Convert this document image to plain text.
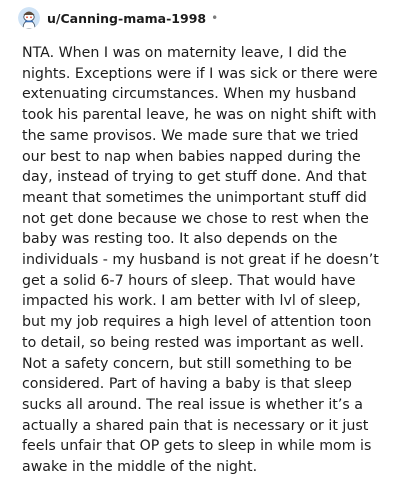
u/Canning-mama-1998 •

NTA. When I was on maternity leave, I did the nights. Exceptions were if I was sick or there were extenuating circumstances. When my husband took his parental leave, he was on night shift with the same provisos. We made sure that we tried our best to nap when babies napped during the day, instead of trying to get stuff done. And that meant that sometimes the unimportant stuff did not get done because we chose to rest when the baby was resting too. It also depends on the individuals - my husband is not great if he doesn’t get a solid 6-7 hours of sleep. That would have impacted his work. I am better with lvl of sleep, but my job requires a high level of attention toon to detail, so being rested was important as well. Not a safety concern, but still something to be considered. Part of having a baby is that sleep sucks all around. The real issue is whether it’s a actually a shared pain that is necessary or it just feels unfair that OP gets to sleep in while mom is awake in the middle of the night.
